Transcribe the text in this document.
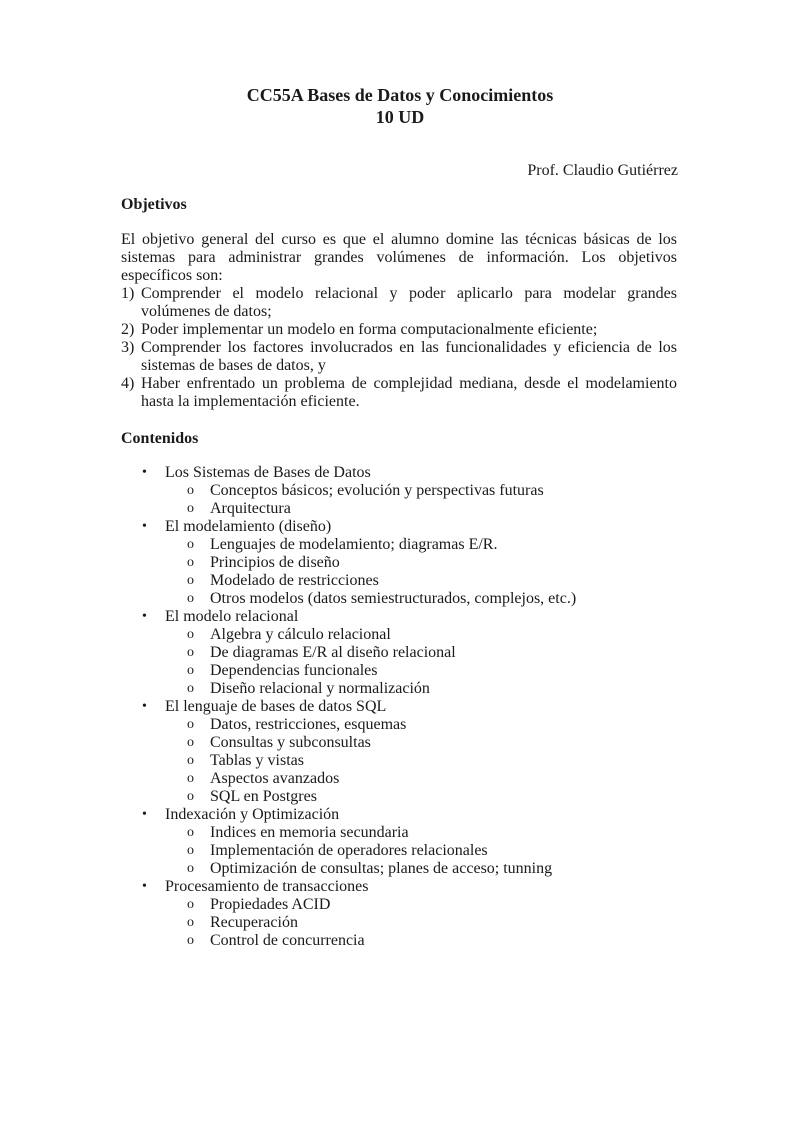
CC55A Bases de Datos y Conocimientos
10 UD
Prof. Claudio Gutiérrez
Objetivos

El objetivo general del curso es que el alumno domine las técnicas básicas de los sistemas para administrar grandes volúmenes de información. Los objetivos específicos son:

1) Comprender el modelo relacional y poder aplicarlo para modelar grandes volúmenes de datos;
2) Poder implementar un modelo en forma computacionalmente eficiente;
3) Comprender los factores involucrados en las funcionalidades y eficiencia de los sistemas de bases de datos, y
4) Haber enfrentado un problema de complejidad mediana, desde el modelamiento hasta la implementación eficiente.
Contenidos
• Los Sistemas de Bases de Datos
o Conceptos básicos; evolución y perspectivas futuras
o Arquitectura
• El modelamiento (diseño)
o Lenguajes de modelamiento; diagramas E/R.
o Principios de diseño
o Modelado de restricciones
o Otros modelos (datos semiestructurados, complejos, etc.)
• El modelo relacional
o Algebra y cálculo relacional
o De diagramas E/R al diseño relacional
o Dependencias funcionales
o Diseño relacional y normalización
• El lenguaje de bases de datos SQL
o Datos, restricciones, esquemas
o Consultas y subconsultas
o Tablas y vistas
o Aspectos avanzados
o SQL en Postgres
• Indexación y Optimización
o Indices en memoria secundaria
o Implementación de operadores relacionales
o Optimización de consultas; planes de acceso; tunning
• Procesamiento de transacciones
o Propiedades ACID
o Recuperación
o Control de concurrencia
